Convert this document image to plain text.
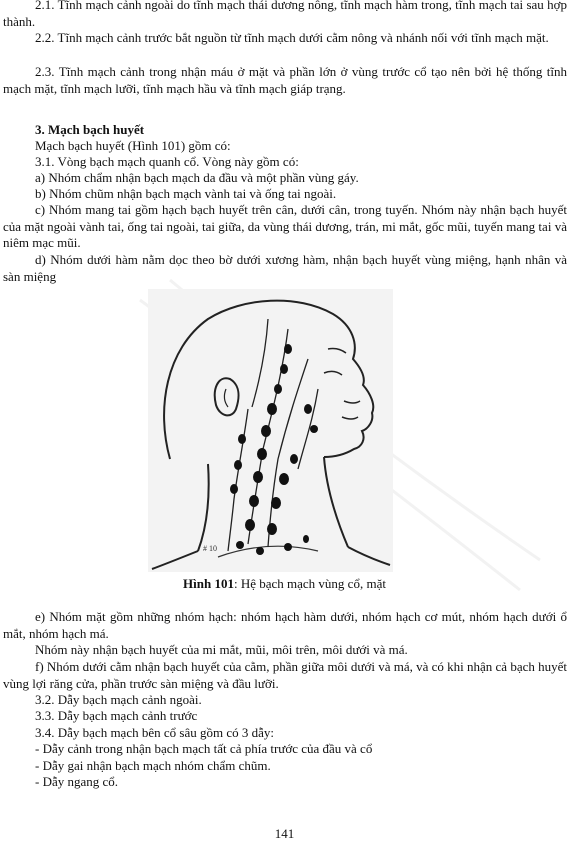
2.1. Tĩnh mạch cảnh ngoài do tĩnh mạch thái dương nông, tĩnh mạch hàm trong, tĩnh mạch tai sau hợp thành.

2.2. Tĩnh mạch cảnh trước bắt nguồn từ tĩnh mạch dưới cằm nông và nhánh nối với tĩnh mạch mặt.

2.3. Tĩnh mạch cảnh trong nhận máu ở mặt và phần lớn ở vùng trước cổ tạo nên bởi hệ thống tĩnh mạch mặt, tĩnh mạch lưỡi, tĩnh mạch hầu và tĩnh mạch giáp trạng.

3. Mạch bạch huyết

Mạch bạch huyết (Hình 101) gồm có:

3.1. Vòng bạch mạch quanh cổ. Vòng này gồm có:

a) Nhóm chẩm nhận bạch mạch da đầu và một phần vùng gáy.

b) Nhóm chũm nhận bạch mạch vành tai và ống tai ngoài.

c) Nhóm mang tai gồm hạch bạch huyết trên cân, dưới cân, trong tuyến. Nhóm này nhận bạch huyết của mặt ngoài vành tai, ống tai ngoài, tai giữa, da vùng thái dương, trán, mi mắt, gốc mũi, tuyến mang tai và niêm mạc mũi.

d) Nhóm dưới hàm nằm dọc theo bờ dưới xương hàm, nhận bạch huyết vùng miệng, hạnh nhân và sàn miệng

# 10
Hình 101: Hệ bạch mạch vùng cổ, mặt

e) Nhóm mặt gồm những nhóm hạch: nhóm hạch hàm dưới, nhóm hạch cơ mút, nhóm hạch dưới ổ mắt, nhóm hạch má.

Nhóm này nhận bạch huyết của mi mắt, mũi, môi trên, môi dưới và má.

f) Nhóm dưới cằm nhận bạch huyết của cằm, phần giữa môi dưới và má, và có khi nhận cả bạch huyết vùng lợi răng cửa, phần trước sàn miệng và đầu lưỡi.

3.2. Dẫy bạch mạch cảnh ngoài.

3.3. Dẫy bạch mạch cảnh trước

3.4. Dẫy bạch mạch bên cổ sâu gồm có 3 dẫy:

- Dẫy cảnh trong nhận bạch mạch tất cả phía trước của đầu và cổ

- Dẫy gai nhận bạch mạch nhóm chẩm chũm.

- Dẫy ngang cổ.

141
